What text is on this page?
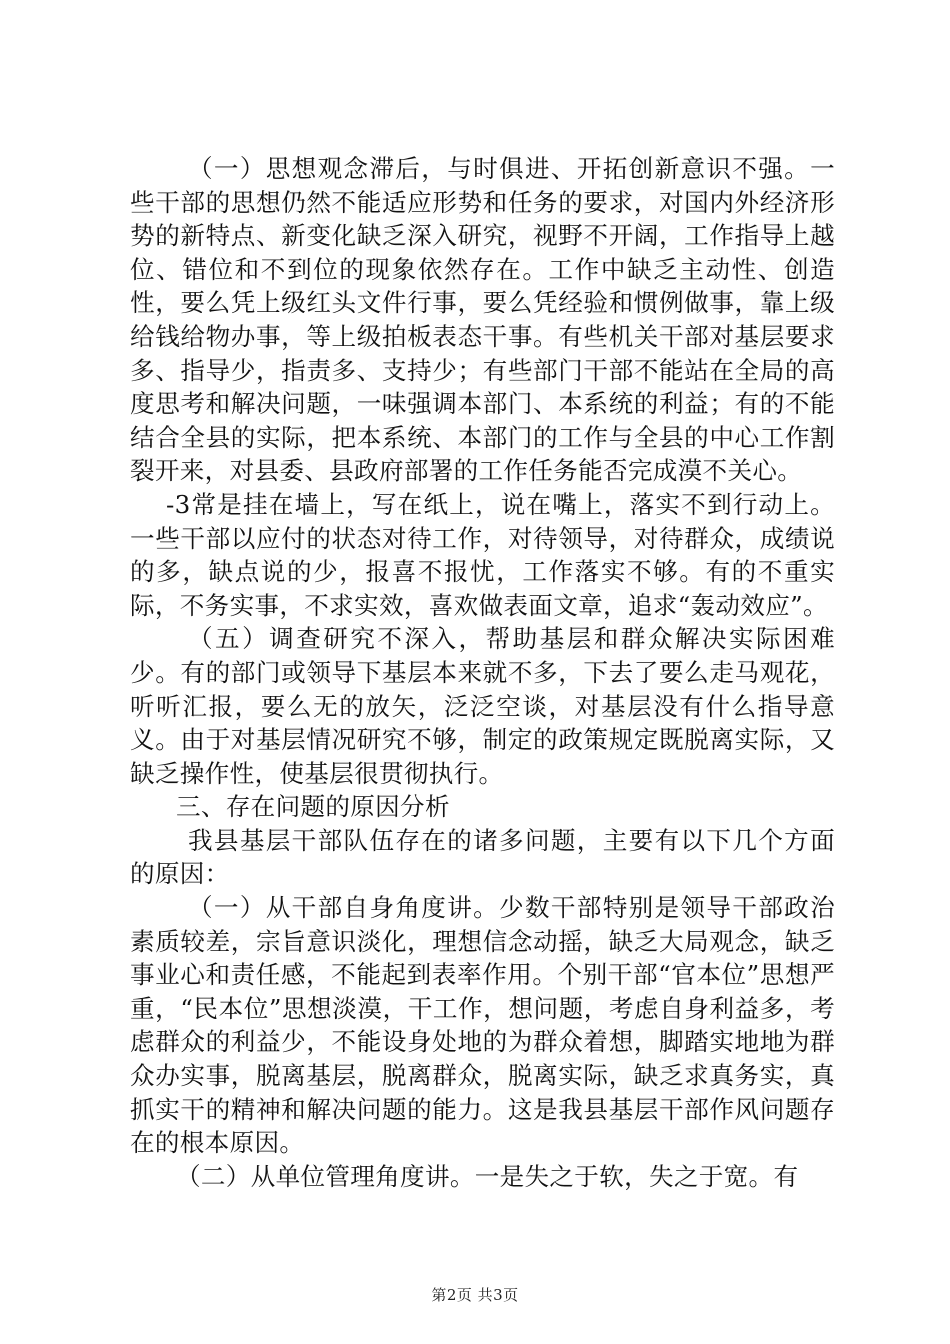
（一）思想观念滞后，与时俱进、开拓创新意识不强。一些干部的思想仍然不能适应形势和任务的要求，对国内外经济形势的新特点、新变化缺乏深入研究，视野不开阔，工作指导上越位、错位和不到位的现象依然存在。工作中缺乏主动性、创造性，要么凭上级红头文件行事，要么凭经验和惯例做事，靠上级给钱给物办事，等上级拍板表态干事。有些机关干部对基层要求多、指导少，指责多、支持少；有些部门干部不能站在全局的高度思考和解决问题，一味强调本部门、本系统的利益；有的不能结合全县的实际，把本系统、本部门的工作与全县的中心工作割裂开来，对县委、县政府部署的工作任务能否完成漠不关心。

-3常是挂在墙上，写在纸上，说在嘴上，落实不到行动上。一些干部以应付的状态对待工作，对待领导，对待群众，成绩说的多，缺点说的少，报喜不报忧，工作落实不够。有的不重实际，不务实事，不求实效，喜欢做表面文章，追求“轰动效应”。

（五）调查研究不深入，帮助基层和群众解决实际困难少。有的部门或领导下基层本来就不多，下去了要么走马观花，听听汇报，要么无的放矢，泛泛空谈，对基层没有什么指导意义。由于对基层情况研究不够，制定的政策规定既脱离实际，又缺乏操作性，使基层很贯彻执行。

三、存在问题的原因分析

我县基层干部队伍存在的诸多问题，主要有以下几个方面的原因：

（一）从干部自身角度讲。少数干部特别是领导干部政治素质较差，宗旨意识淡化，理想信念动摇，缺乏大局观念，缺乏事业心和责任感，不能起到表率作用。个别干部“官本位”思想严重，“民本位”思想淡漠，干工作，想问题，考虑自身利益多，考虑群众的利益少，不能设身处地的为群众着想，脚踏实地地为群众办实事，脱离基层，脱离群众，脱离实际，缺乏求真务实，真抓实干的精神和解决问题的能力。这是我县基层干部作风问题存在的根本原因。

（二）从单位管理角度讲。一是失之于软，失之于宽。有

第2页 共3页
